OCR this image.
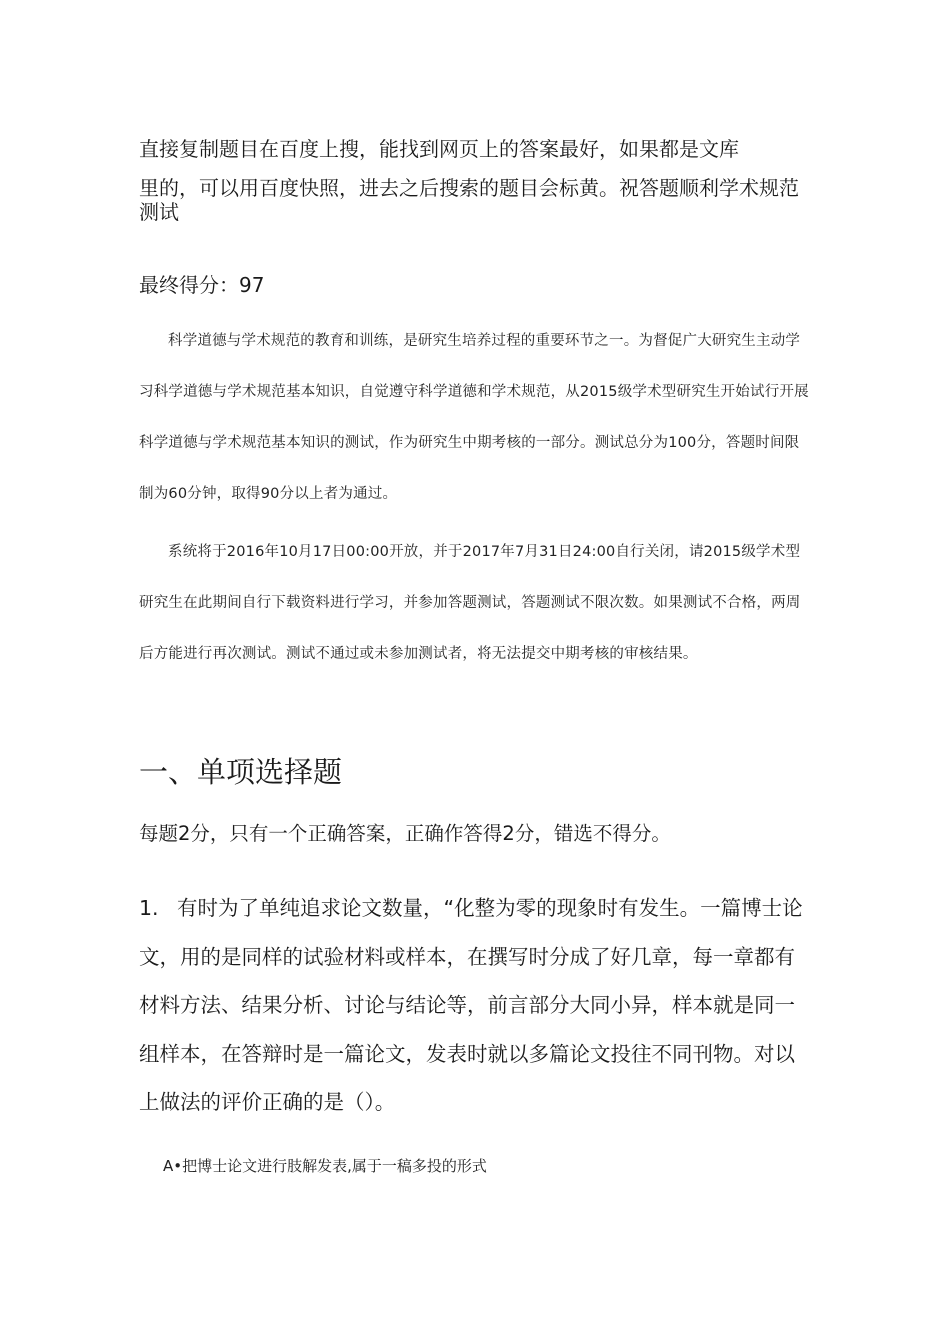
直接复制题目在百度上搜，能找到网页上的答案最好，如果都是文库
里的，可以用百度快照，进去之后搜索的题目会标黄。祝答题顺利学术规范测试

最终得分：97

科学道德与学术规范的教育和训练，是研究生培养过程的重要环节之一。为督促广大研究生主动学习科学道德与学术规范基本知识，自觉遵守科学道德和学术规范，从2015级学术型研究生开始试行开展科学道德与学术规范基本知识的测试，作为研究生中期考核的一部分。测试总分为100分，答题时间限制为60分钟，取得90分以上者为通过。

系统将于2016年10月17日00:00开放，并于2017年7月31日24:00自行关闭，请2015级学术型研究生在此期间自行下载资料进行学习，并参加答题测试，答题测试不限次数。如果测试不合格，两周后方能进行再次测试。测试不通过或未参加测试者，将无法提交中期考核的审核结果。

一、单项选择题

每题2分，只有一个正确答案，正确作答得2分，错选不得分。

1. 有时为了单纯追求论文数量，“化整为零的现象时有发生。一篇博士论文，用的是同样的试验材料或样本，在撰写时分成了好几章，每一章都有材料方法、结果分析、讨论与结论等，前言部分大同小异，样本就是同一组样本，在答辩时是一篇论文，发表时就以多篇论文投往不同刊物。对以上做法的评价正确的是（）。

A•把博士论文进行肢解发表,属于一稿多投的形式
